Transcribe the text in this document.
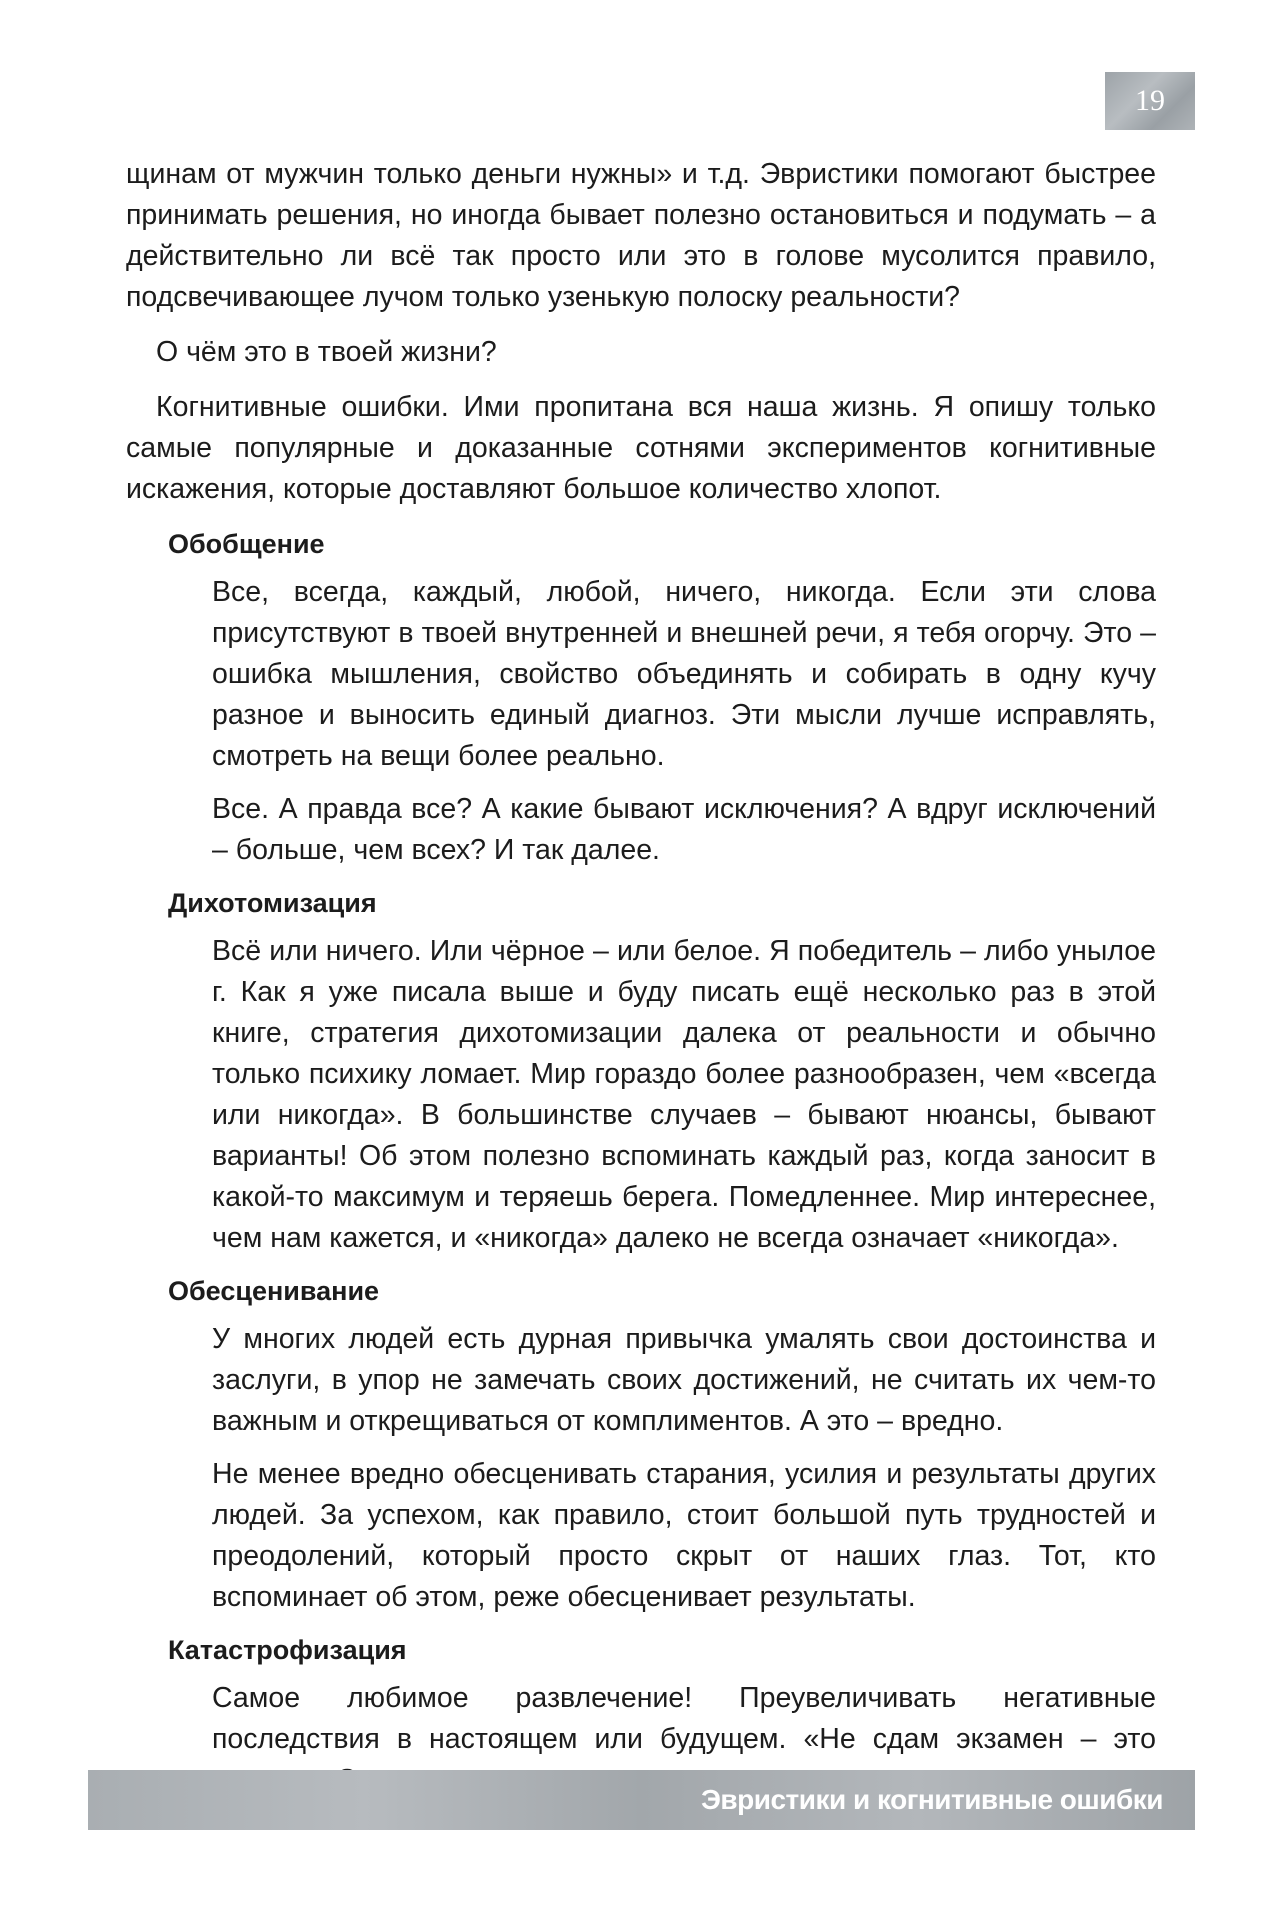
19

щинам от мужчин только деньги нужны» и т.д. Эвристики помогают быстрее принимать решения, но иногда бывает полезно остановиться и подумать – а действительно ли всё так просто или это в голове мусолится правило, подсвечивающее лучом только узенькую полоску реальности?

О чём это в твоей жизни?

Когнитивные ошибки. Ими пропитана вся наша жизнь. Я опишу только самые популярные и доказанные сотнями экспериментов когнитивные искажения, которые доставляют большое количество хлопот.

Обобщение

Все, всегда, каждый, любой, ничего, никогда. Если эти слова присутствуют в твоей внутренней и внешней речи, я тебя огорчу. Это – ошибка мышления, свойство объединять и собирать в одну кучу разное и выносить единый диагноз. Эти мысли лучше исправлять, смотреть на вещи более реально.

Все. А правда все? А какие бывают исключения? А вдруг исключений – больше, чем всех? И так далее.

Дихотомизация

Всё или ничего. Или чёрное – или белое. Я победитель – либо унылое г. Как я уже писала выше и буду писать ещё несколько раз в этой книге, стратегия дихотомизации далека от реальности и обычно только психику ломает. Мир гораздо более разнообразен, чем «всегда или никогда». В большинстве случаев – бывают нюансы, бывают варианты! Об этом полезно вспоминать каждый раз, когда заносит в какой-то максимум и теряешь берега. Помедленнее. Мир интереснее, чем нам кажется, и «никогда» далеко не всегда означает «никогда».

Обесценивание

У многих людей есть дурная привычка умалять свои достоинства и заслуги, в упор не замечать своих достижений, не считать их чем-то важным и открещиваться от комплиментов. А это – вредно.

Не менее вредно обесценивать старания, усилия и результаты других людей. За успехом, как правило, стоит большой путь трудностей и преодолений, который просто скрыт от наших глаз. Тот, кто вспоминает об этом, реже обесценивает результаты.

Катастрофизация

Самое любимое развлечение! Преувеличивать негативные последствия в настоящем или будущем. «Не сдам экзамен – это

Эвристики и когнитивные ошибки
